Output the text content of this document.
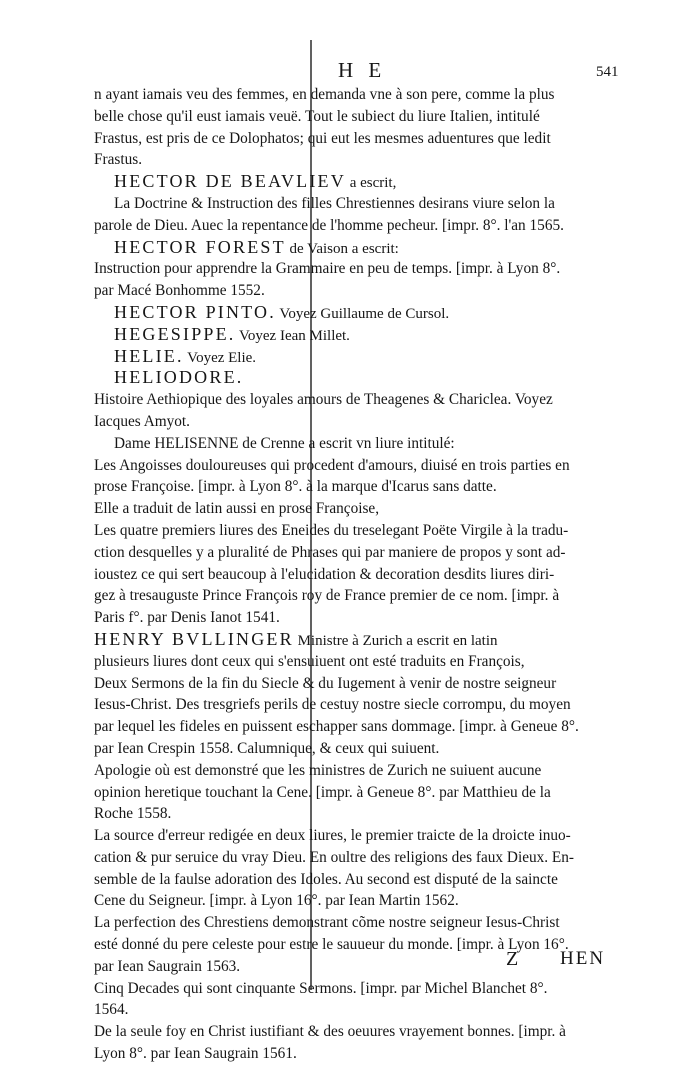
H E	541
n ayant iamais veu des femmes, en demanda vne à son pere, comme la plus
belle chose qu'il eust iamais veuë. Tout le subiect du liure Italien, intitulé
Frastus, est pris de ce Dolophatos; qui eut les mesmes aduentures que ledit
Frastus.
HECTOR DE BEAVLIEV a escrit,
La Doctrine & Instruction des filles Chrestiennes desirans viure selon la
parole de Dieu. Auec la repentance de l'homme pecheur. [impr. 8°. l'an 1565.
HECTOR FOREST de Vaison a escrit:
Instruction pour apprendre la Grammaire en peu de temps. [impr. à Lyon 8°.
par Macé Bonhomme 1552.
HECTOR PINTO. Voyez Guillaume de Cursol.
HEGESIPPE. Voyez Iean Millet.
HELIE. Voyez Elie.
HELIODORE.
Histoire Aethiopique des loyales amours de Theagenes & Chariclea. Voyez
Iacques Amyot.
Dame HELISENNE de Crenne a escrit vn liure intitulé:
Les Angoisses douloureuses qui procedent d'amours, diuisé en trois parties en
prose Françoise. [impr. à Lyon 8°. à la marque d'Icarus sans datte.
Elle a traduit de latin aussi en prose Françoise,
Les quatre premiers liures des Eneides du treselegant Poëte Virgile à la tradu-
ction desquelles y a pluralité de Phrases qui par maniere de propos y sont ad-
ioustez ce qui sert beaucoup à l'elucidation & decoration desdits liures diri-
gez à tresauguste Prince François roy de France premier de ce nom. [impr. à
Paris f°. par Denis Ianot 1541.
HENRY BVLLINGER Ministre à Zurich a escrit en latin
plusieurs liures dont ceux qui s'ensuiuent ont esté traduits en François,
Deux Sermons de la fin du Siecle & du Iugement à venir de nostre seigneur
Iesus-Christ. Des tresgriefs perils de cestuy nostre siecle corrompu, du moyen
par lequel les fideles en puissent eschapper sans dommage. [impr. à Geneue 8°.
par Iean Crespin 1558. Calumnique, & ceux qui suiuent.
Apologie où est demonstré que les ministres de Zurich ne suiuent aucune
opinion heretique touchant la Cene. [impr. à Geneue 8°. par Matthieu de la
Roche 1558.
La source d'erreur redigée en deux liures, le premier traicte de la droicte inuo-
cation & pur seruice du vray Dieu. En oultre des religions des faux Dieux. En-
semble de la faulse adoration des Idoles. Au second est disputé de la saincte
Cene du Seigneur. [impr. à Lyon 16°. par Iean Martin 1562.
La perfection des Chrestiens demonstrant cõme nostre seigneur Iesus-Christ
esté donné du pere celeste pour estre le sauueur du monde. [impr. à Lyon 16°.
par Iean Saugrain 1563.
Cinq Decades qui sont cinquante Sermons. [impr. par Michel Blanchet 8°.
1564.
De la seule foy en Christ iustifiant & des oeuures vrayement bonnes. [impr. à
Lyon 8°. par Iean Saugrain 1561.
Z HEN
